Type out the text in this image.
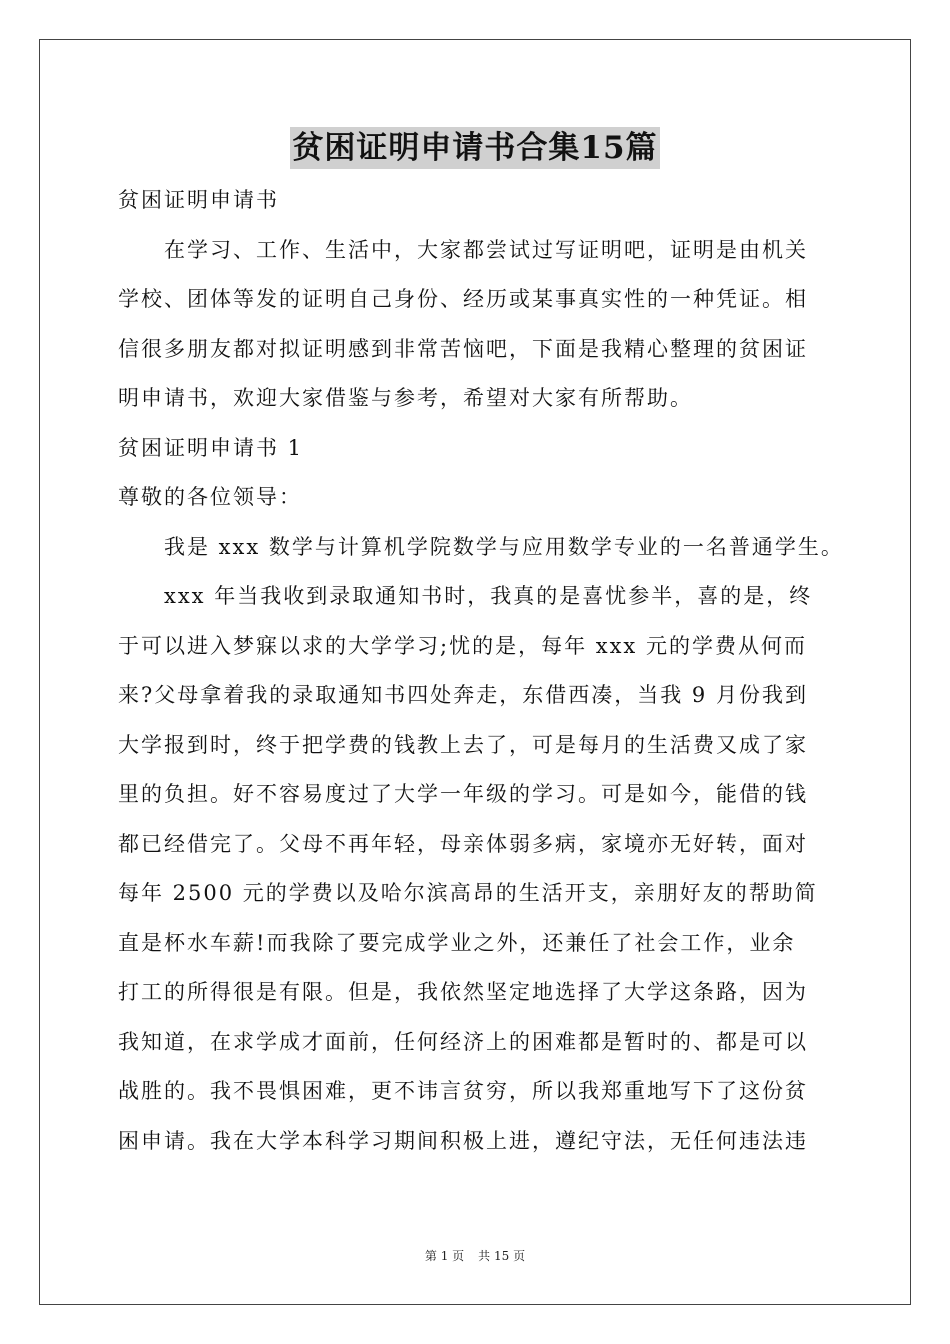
贫困证明申请书合集15篇

贫困证明申请书

在学习、工作、生活中，大家都尝试过写证明吧，证明是由机关

学校、团体等发的证明自己身份、经历或某事真实性的一种凭证。相

信很多朋友都对拟证明感到非常苦恼吧，下面是我精心整理的贫困证

明申请书，欢迎大家借鉴与参考，希望对大家有所帮助。

贫困证明申请书 1

尊敬的各位领导：

我是 xxx 数学与计算机学院数学与应用数学专业的一名普通学生。

xxx 年当我收到录取通知书时，我真的是喜忧参半，喜的是，终

于可以进入梦寐以求的大学学习;忧的是，每年 xxx 元的学费从何而

来?父母拿着我的录取通知书四处奔走，东借西凑，当我 9 月份我到

大学报到时，终于把学费的钱教上去了，可是每月的生活费又成了家

里的负担。好不容易度过了大学一年级的学习。可是如今，能借的钱

都已经借完了。父母不再年轻，母亲体弱多病，家境亦无好转，面对

每年 2500 元的学费以及哈尔滨高昂的生活开支，亲朋好友的帮助简

直是杯水车薪!而我除了要完成学业之外，还兼任了社会工作，业余

打工的所得很是有限。但是，我依然坚定地选择了大学这条路，因为

我知道，在求学成才面前，任何经济上的困难都是暂时的、都是可以

战胜的。我不畏惧困难，更不讳言贫穷，所以我郑重地写下了这份贫

困申请。我在大学本科学习期间积极上进，遵纪守法，无任何违法违

第 1 页 共 15 页
